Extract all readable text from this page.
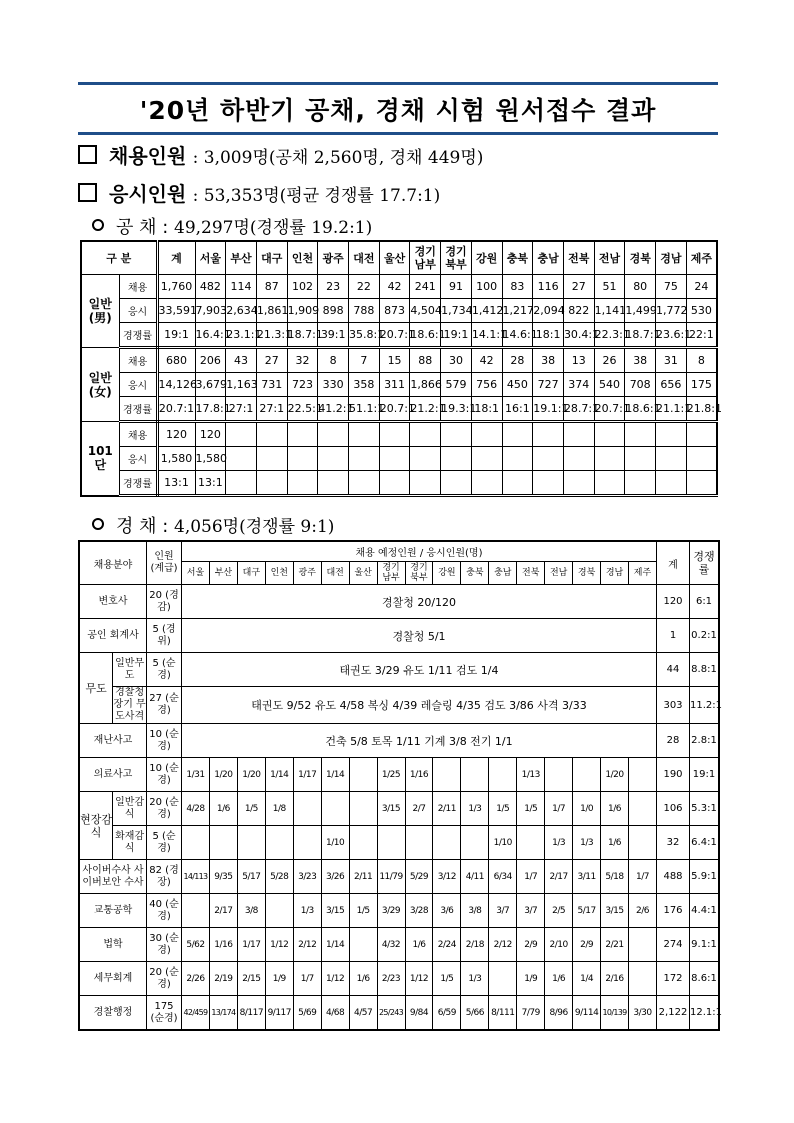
'20년 하반기 공채, 경채 시험 원서접수 결과
채용인원 : 3,009명(공채 2,560명, 경채 449명)
응시인원 : 53,353명(평균 경쟁률 17.7:1)
공 채 : 49,297명(경쟁률 19.2:1)
구 분		계	서울	부산	대구	인천	광주	대전	울산	경기 남부	경기 북부	강원	충북	충남	전북	전남	경북	경남	제주
일반 (男)	채용	1,760	482	114	87	102	23	22	42	241	91	100	83	116	27	51	80	75	24
	응시	33,591	7,903	2,634	1,861	1,909	898	788	873	4,504	1,734	1,412	1,217	2,094	822	1,141	1,499	1,772	530
	경쟁률	19:1	16.4:1	23.1:1	21.3:1	18.7:1	39:1	35.8:1	20.7:1	18.6:1	19:1	14.1:1	14.6:1	18:1	30.4:1	22.3:1	18.7:1	23.6:1	22:1
일반 (女)	채용	680	206	43	27	32	8	7	15	88	30	42	28	38	13	26	38	31	8
	응시	14,126	3,679	1,163	731	723	330	358	311	1,866	579	756	450	727	374	540	708	656	175
	경쟁률	20.7:1	17.8:1	27:1	27:1	22.5:1	41.2:1	51.1:1	20.7:1	21.2:1	19.3:1	18:1	16:1	19.1:1	28.7:1	20.7:1	18.6:1	21.1:1	21.8:1
101단	채용	120	120																
	응시	1,580	1,580																
	경쟁률	13:1	13:1																
경 채 : 4,056명(경쟁률 9:1)
채용분야		인원 (계급)	채용 예정인원 / 응시인원(명)																	계	경쟁률
			서울	부산	대구	인천	광주	대전	울산	경기 남부	경기 북부	강원	충북	충남	전북	전남	경북	경남	제주		
변호사		20 (경감)	경찰청 20/120																	120	6:1
공인 회계사		5 (경위)	경찰청 5/1																	1	0.2:1
무도	일반무도	5 (순경)	태권도 3/29 유도 1/11 검도 1/4																	44	8.8:1
	경찰청장기 무도사격	27 (순경)	태권도 9/52 유도 4/58 복싱 4/39 레슬링 4/35 검도 3/86 사격 3/33																	303	11.2:1
재난사고		10 (순경)	건축 5/8 토목 1/11 기계 3/8 전기 1/1																	28	2.8:1
의료사고		10 (순경)	1/31	1/20	1/20	1/14	1/17	1/14		1/25	1/16				1/13			1/20		190	19:1
현장감식	일반감식	20 (순경)	4/28	1/6	1/5	1/8				3/15	2/7	2/11	1/3	1/5	1/5	1/7	1/0	1/6		106	5.3:1
	화재감식	5 (순경)						1/10						1/10		1/3	1/3	1/6		32	6.4:1
사이버수사 사이버보안 수사		82 (경장)	14/113	9/35	5/17	5/28	3/23	3/26	2/11	11/79	5/29	3/12	4/11	6/34	1/7	2/17	3/11	5/18	1/7	488	5.9:1
교통공학		40 (순경)		2/17	3/8		1/3	3/15	1/5	3/29	3/28	3/6	3/8	3/7	3/7	2/5	5/17	3/15	2/6	176	4.4:1
법학		30 (순경)	5/62	1/16	1/17	1/12	2/12	1/14		4/32	1/6	2/24	2/18	2/12	2/9	2/10	2/9	2/21		274	9.1:1
세무회계		20 (순경)	2/26	2/19	2/15	1/9	1/7	1/12	1/6	2/23	1/12	1/5	1/3		1/9	1/6	1/4	2/16		172	8.6:1
경찰행정		175 (순경)	42/459	13/174	8/117	9/117	5/69	4/68	4/57	25/243	9/84	6/59	5/66	8/111	7/79	8/96	9/114	10/139	3/30	2,122	12.1:1
